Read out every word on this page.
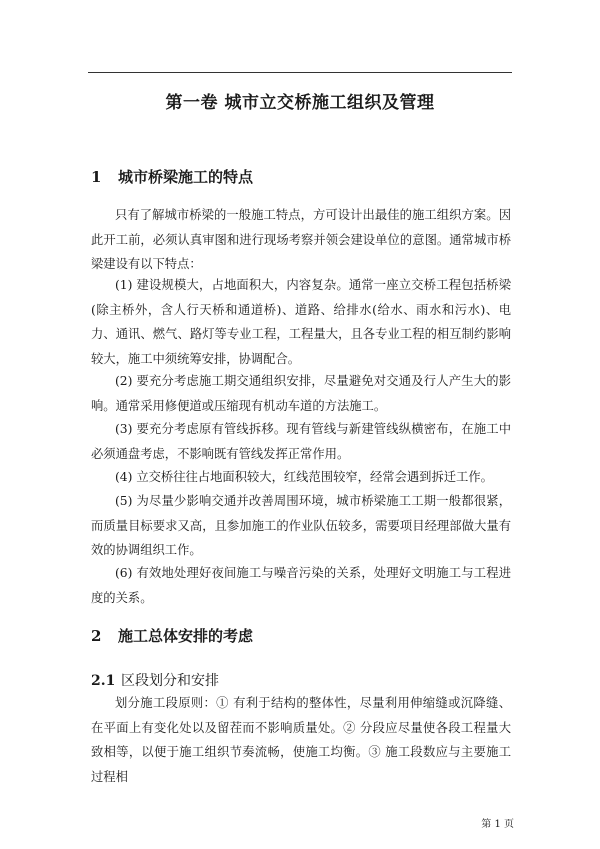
第一卷 城市立交桥施工组织及管理
1 城市桥梁施工的特点
只有了解城市桥梁的一般施工特点，方可设计出最佳的施工组织方案。因此开工前，必须认真审图和进行现场考察并领会建设单位的意图。通常城市桥梁建设有以下特点：
(1) 建设规模大，占地面积大，内容复杂。通常一座立交桥工程包括桥梁(除主桥外，含人行天桥和通道桥)、道路、给排水(给水、雨水和污水)、电力、通讯、燃气、路灯等专业工程，工程量大，且各专业工程的相互制约影响较大，施工中须统筹安排，协调配合。
(2) 要充分考虑施工期交通组织安排，尽量避免对交通及行人产生大的影响。通常采用修便道或压缩现有机动车道的方法施工。
(3) 要充分考虑原有管线拆移。现有管线与新建管线纵横密布，在施工中必须通盘考虑，不影响既有管线发挥正常作用。
(4) 立交桥往往占地面积较大，红线范围较窄，经常会遇到拆迁工作。
(5) 为尽量少影响交通并改善周围环境，城市桥梁施工工期一般都很紧，而质量目标要求又高，且参加施工的作业队伍较多，需要项目经理部做大量有效的协调组织工作。
(6) 有效地处理好夜间施工与噪音污染的关系，处理好文明施工与工程进度的关系。
2 施工总体安排的考虑
2.1 区段划分和安排
划分施工段原则：① 有利于结构的整体性，尽量利用伸缩缝或沉降缝、在平面上有变化处以及留茬而不影响质量处。② 分段应尽量使各段工程量大致相等，以便于施工组织节奏流畅，使施工均衡。③ 施工段数应与主要施工过程相
第 1 页
